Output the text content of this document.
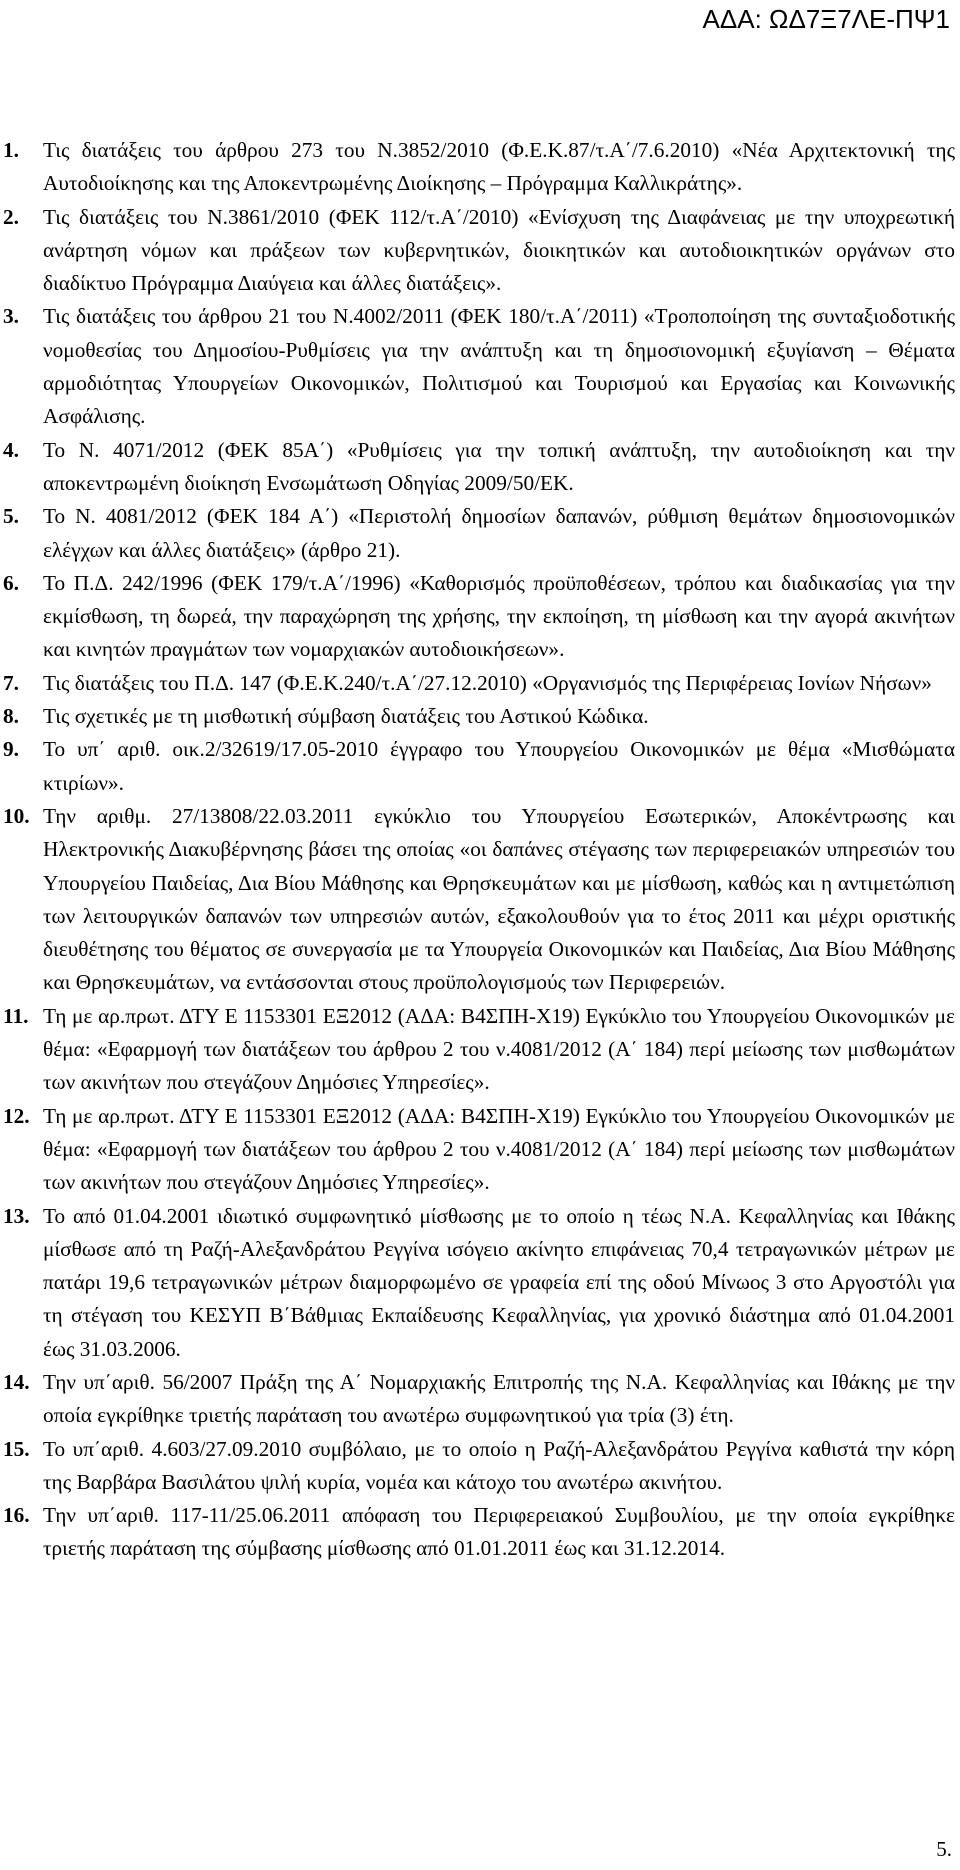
ΑΔΑ: ΩΔ7Ξ7ΛΕ-ΠΨ1
1. Τις διατάξεις του άρθρου 273 του Ν.3852/2010 (Φ.Ε.Κ.87/τ.Α΄/7.6.2010) «Νέα Αρχιτεκτονική της Αυτοδιοίκησης και της Αποκεντρωμένης Διοίκησης – Πρόγραμμα Καλλικράτης».
2. Τις διατάξεις του Ν.3861/2010 (ΦΕΚ 112/τ.Α΄/2010) «Ενίσχυση της Διαφάνειας με την υποχρεωτική ανάρτηση νόμων και πράξεων των κυβερνητικών, διοικητικών και αυτοδιοικητικών οργάνων στο διαδίκτυο Πρόγραμμα Διαύγεια και άλλες διατάξεις».
3. Τις διατάξεις του άρθρου 21 του Ν.4002/2011 (ΦΕΚ 180/τ.Α΄/2011) «Τροποποίηση της συνταξιοδοτικής νομοθεσίας του Δημοσίου-Ρυθμίσεις για την ανάπτυξη και τη δημοσιονομική εξυγίανση – Θέματα αρμοδιότητας Υπουργείων Οικονομικών, Πολιτισμού και Τουρισμού και Εργασίας και Κοινωνικής Ασφάλισης.
4. Το Ν. 4071/2012 (ΦΕΚ 85Α΄) «Ρυθμίσεις για την τοπική ανάπτυξη, την αυτοδιοίκηση και την αποκεντρωμένη διοίκηση Ενσωμάτωση Οδηγίας 2009/50/ΕΚ.
5. Το Ν. 4081/2012 (ΦΕΚ 184 Α΄) «Περιστολή δημοσίων δαπανών, ρύθμιση θεμάτων δημοσιονομικών ελέγχων και άλλες διατάξεις» (άρθρο 21).
6. Το Π.Δ. 242/1996 (ΦΕΚ 179/τ.Α΄/1996) «Καθορισμός προϋποθέσεων, τρόπου και διαδικασίας για την εκμίσθωση, τη δωρεά, την παραχώρηση της χρήσης, την εκποίηση, τη μίσθωση και την αγορά ακινήτων και κινητών πραγμάτων των νομαρχιακών αυτοδιοικήσεων».
7. Τις διατάξεις του Π.Δ. 147 (Φ.Ε.Κ.240/τ.Α΄/27.12.2010) «Οργανισμός της Περιφέρειας Ιονίων Νήσων»
8. Τις σχετικές με τη μισθωτική σύμβαση διατάξεις του Αστικού Κώδικα.
9. Το υπ΄ αριθ. οικ.2/32619/17.05-2010 έγγραφο του Υπουργείου Οικονομικών με θέμα «Μισθώματα κτιρίων».
10. Την αριθμ. 27/13808/22.03.2011 εγκύκλιο του Υπουργείου Εσωτερικών, Αποκέντρωσης και Ηλεκτρονικής Διακυβέρνησης βάσει της οποίας «οι δαπάνες στέγασης των περιφερειακών υπηρεσιών του Υπουργείου Παιδείας, Δια Βίου Μάθησης και Θρησκευμάτων και με μίσθωση, καθώς και η αντιμετώπιση των λειτουργικών δαπανών των υπηρεσιών αυτών, εξακολουθούν για το έτος 2011 και μέχρι οριστικής διευθέτησης του θέματος σε συνεργασία με τα Υπουργεία Οικονομικών και Παιδείας, Δια Βίου Μάθησης και Θρησκευμάτων, να εντάσσονται στους προϋπολογισμούς των Περιφερειών.
11. Τη με αρ.πρωτ. ΔΤΥ Ε 1153301 ΕΞ2012 (ΑΔΑ: Β4ΣΠΗ-Χ19) Εγκύκλιο του Υπουργείου Οικονομικών με θέμα: «Εφαρμογή των διατάξεων του άρθρου 2 του ν.4081/2012 (Α΄ 184) περί μείωσης των μισθωμάτων των ακινήτων που στεγάζουν Δημόσιες Υπηρεσίες».
12. Τη με αρ.πρωτ. ΔΤΥ Ε 1153301 ΕΞ2012 (ΑΔΑ: Β4ΣΠΗ-Χ19) Εγκύκλιο του Υπουργείου Οικονομικών με θέμα: «Εφαρμογή των διατάξεων του άρθρου 2 του ν.4081/2012 (Α΄ 184) περί μείωσης των μισθωμάτων των ακινήτων που στεγάζουν Δημόσιες Υπηρεσίες».
13. Το από 01.04.2001 ιδιωτικό συμφωνητικό μίσθωσης με το οποίο η τέως Ν.Α. Κεφαλληνίας και Ιθάκης μίσθωσε από τη Ραζή-Αλεξανδράτου Ρεγγίνα ισόγειο ακίνητο επιφάνειας 70,4 τετραγωνικών μέτρων με πατάρι 19,6 τετραγωνικών μέτρων διαμορφωμένο σε γραφεία επί της οδού Μίνωος 3 στο Αργοστόλι για τη στέγαση του ΚΕΣΥΠ Β΄Βάθμιας Εκπαίδευσης Κεφαλληνίας, για χρονικό διάστημα από 01.04.2001 έως 31.03.2006.
14. Την υπ΄αριθ. 56/2007 Πράξη της Α΄ Νομαρχιακής Επιτροπής της Ν.Α. Κεφαλληνίας και Ιθάκης με την οποία εγκρίθηκε τριετής παράταση του ανωτέρω συμφωνητικού για τρία (3) έτη.
15. Το υπ΄αριθ. 4.603/27.09.2010 συμβόλαιο, με το οποίο η Ραζή-Αλεξανδράτου Ρεγγίνα καθιστά την κόρη της Βαρβάρα Βασιλάτου ψιλή κυρία, νομέα και κάτοχο του ανωτέρω ακινήτου.
16. Την υπ΄αριθ. 117-11/25.06.2011 απόφαση του Περιφερειακού Συμβουλίου, με την οποία εγκρίθηκε τριετής παράταση της σύμβασης μίσθωσης από 01.01.2011 έως και 31.12.2014.
5.
